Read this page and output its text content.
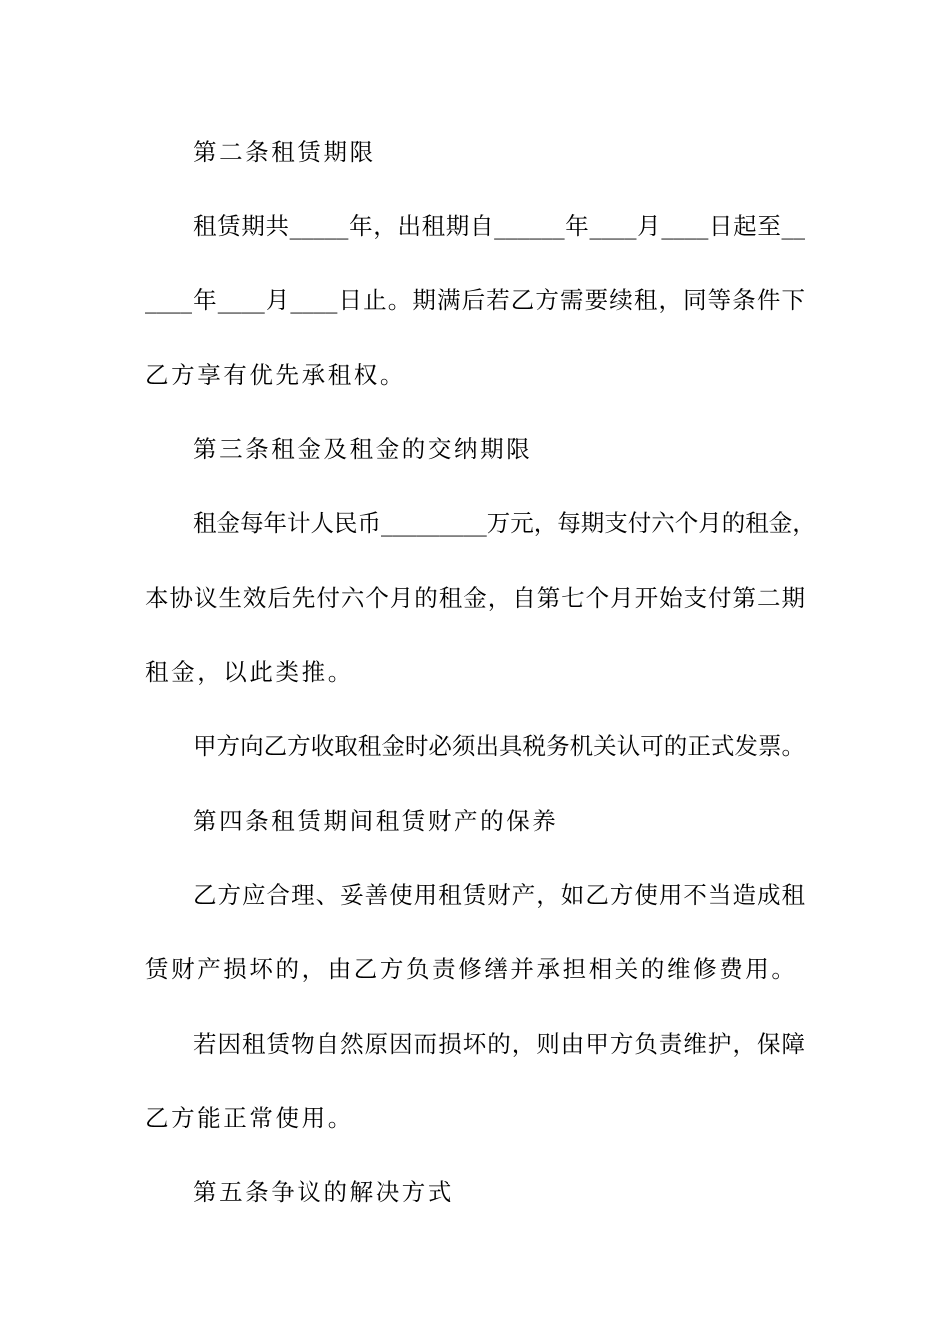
第二条租赁期限
租赁期共_____年，出租期自______年____月____日起至__
____年____月____日止。期满后若乙方需要续租，同等条件下
乙方享有优先承租权。
第三条租金及租金的交纳期限
租金每年计人民币_________万元，每期支付六个月的租金，
本协议生效后先付六个月的租金，自第七个月开始支付第二期
租金，以此类推。
甲方向乙方收取租金时必须出具税务机关认可的正式发票。
第四条租赁期间租赁财产的保养
乙方应合理、妥善使用租赁财产，如乙方使用不当造成租
赁财产损坏的，由乙方负责修缮并承担相关的维修费用。
若因租赁物自然原因而损坏的，则由甲方负责维护，保障
乙方能正常使用。
第五条争议的解决方式
